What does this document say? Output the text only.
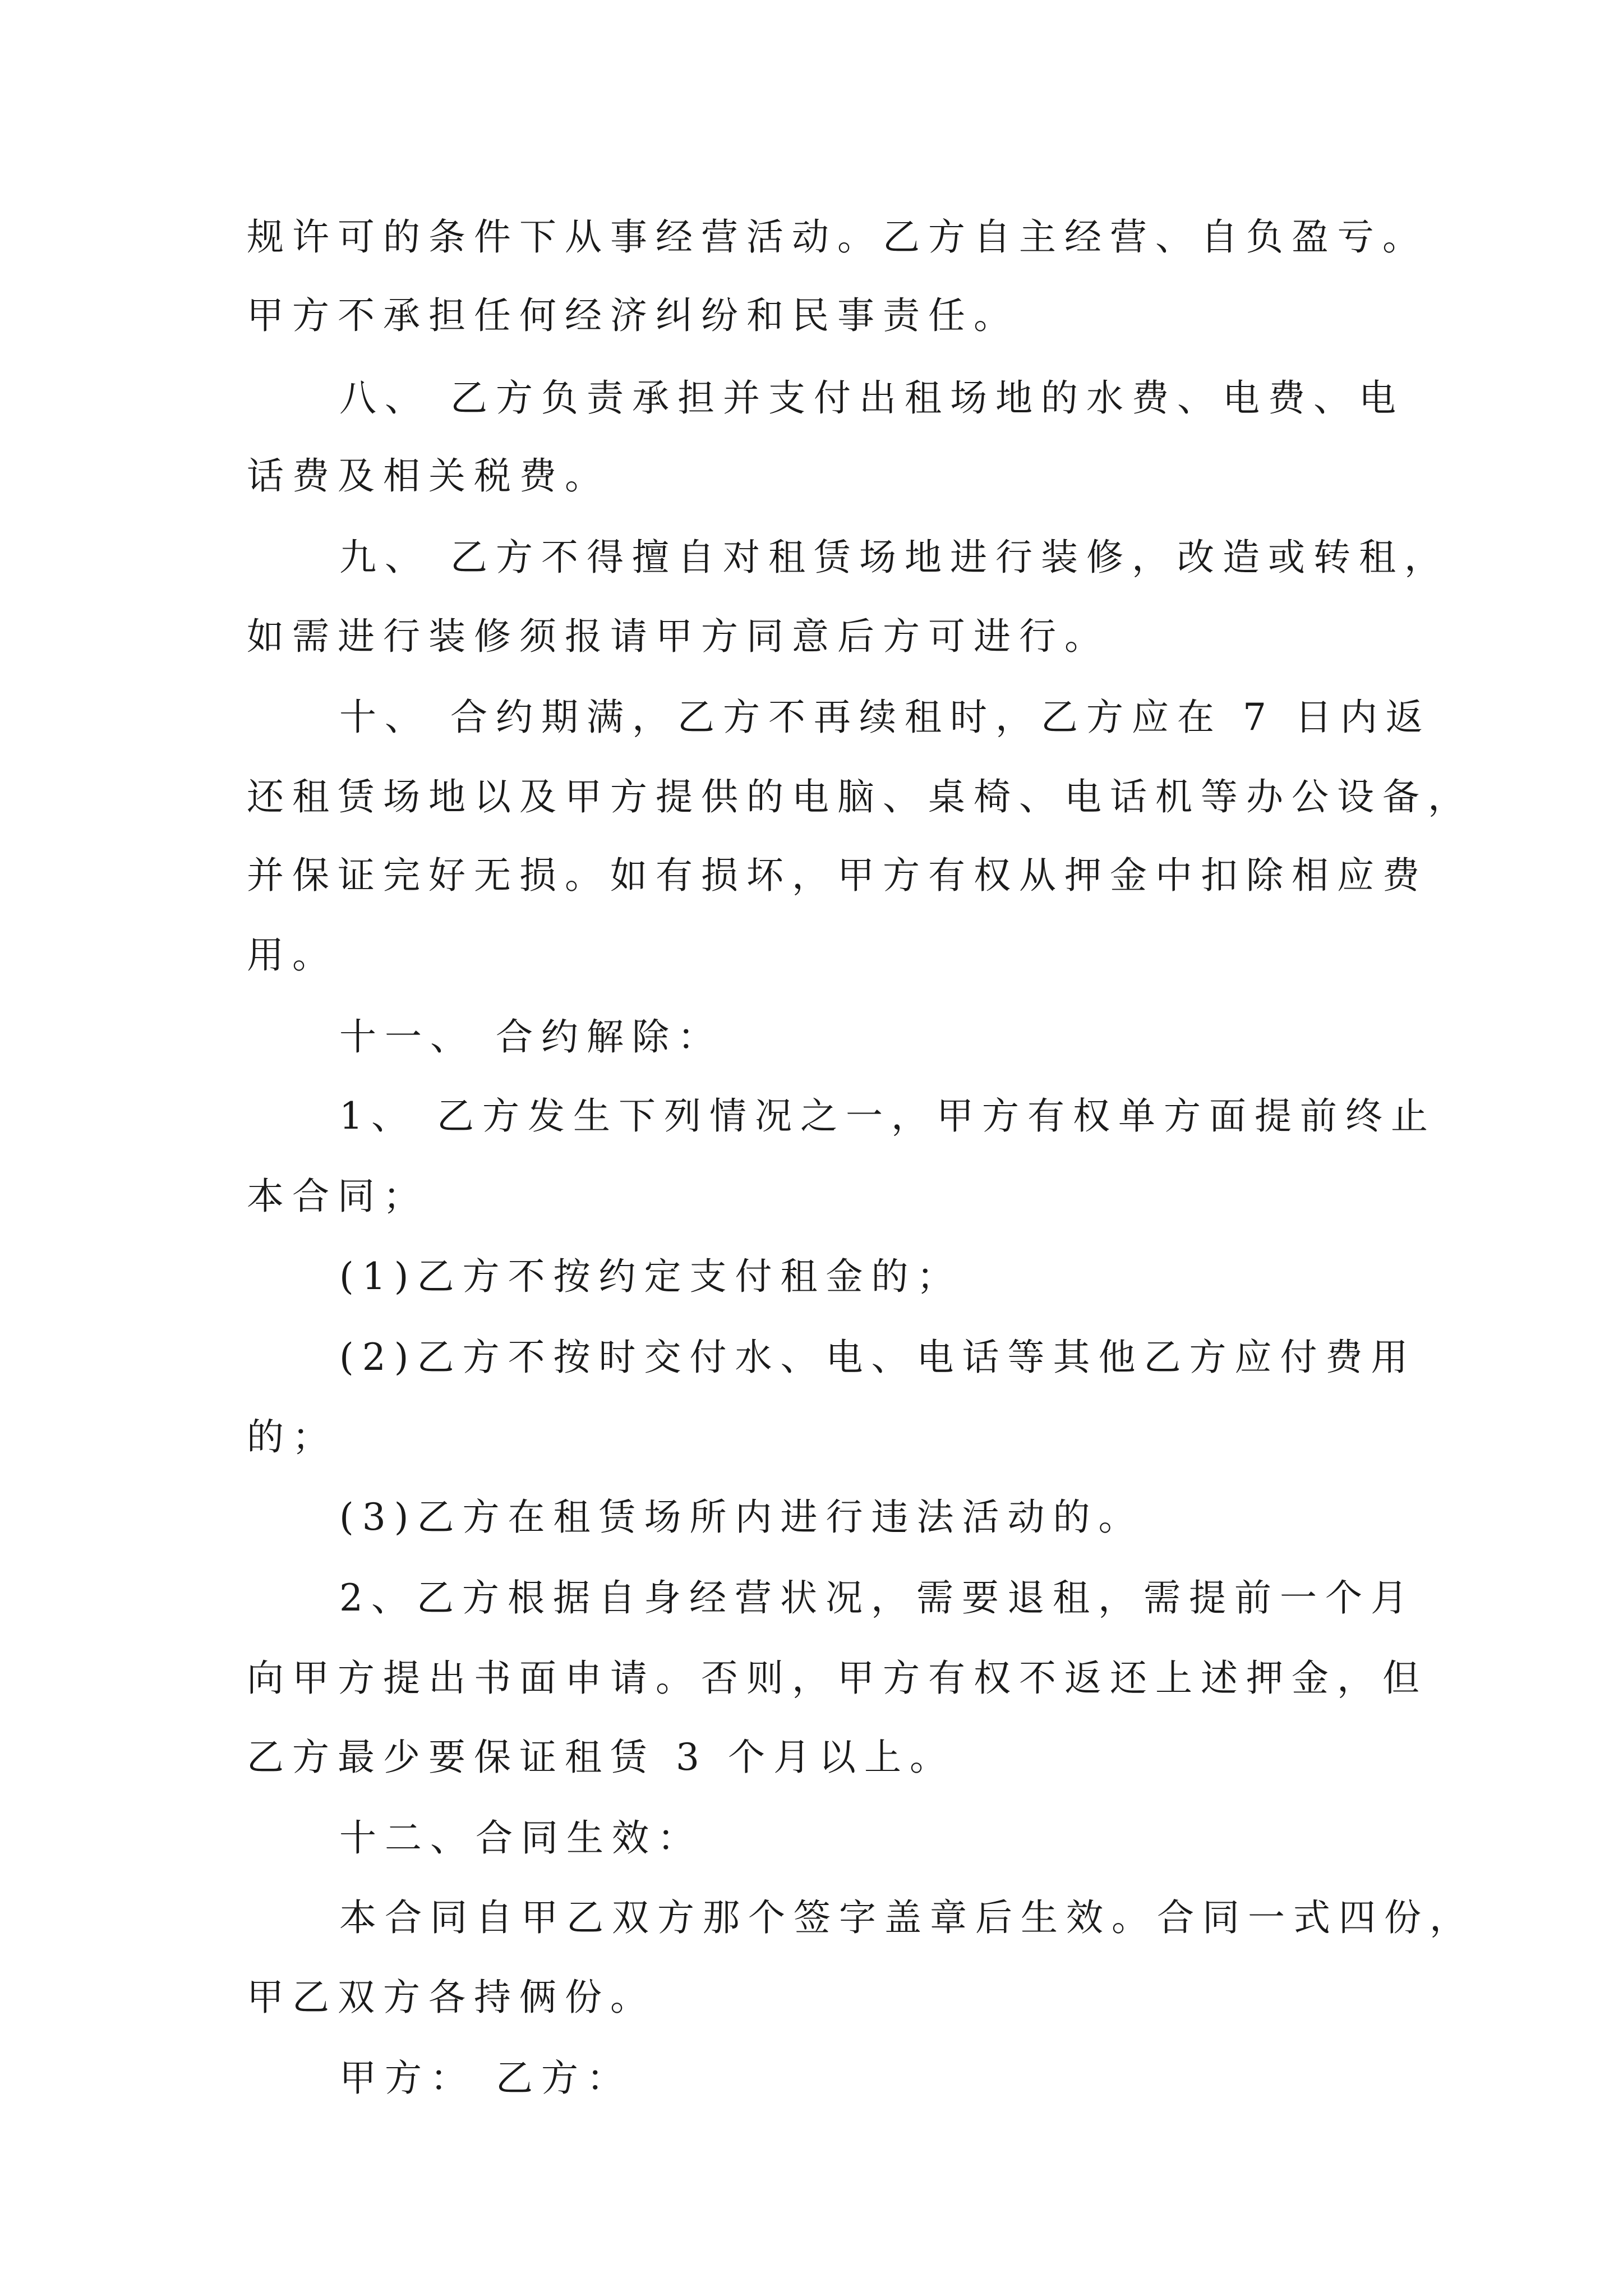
规许可的条件下从事经营活动。乙方自主经营、自负盈亏。
甲方不承担任何经济纠纷和民事责任。
八、 乙方负责承担并支付出租场地的水费、电费、电
话费及相关税费。
九、 乙方不得擅自对租赁场地进行装修，改造或转租，
如需进行装修须报请甲方同意后方可进行。
十、 合约期满，乙方不再续租时，乙方应在 7 日内返
还租赁场地以及甲方提供的电脑、桌椅、电话机等办公设备，
并保证完好无损。如有损坏，甲方有权从押金中扣除相应费
用。
十一、 合约解除：
1、 乙方发生下列情况之一，甲方有权单方面提前终止
本合同；
(1)乙方不按约定支付租金的；
(2)乙方不按时交付水、电、电话等其他乙方应付费用
的；
(3)乙方在租赁场所内进行违法活动的。
2、乙方根据自身经营状况，需要退租，需提前一个月
向甲方提出书面申请。否则，甲方有权不返还上述押金，但
乙方最少要保证租赁 3 个月以上。
十二、合同生效：
本合同自甲乙双方那个签字盖章后生效。合同一式四份，
甲乙双方各持俩份。
甲方： 乙方：
